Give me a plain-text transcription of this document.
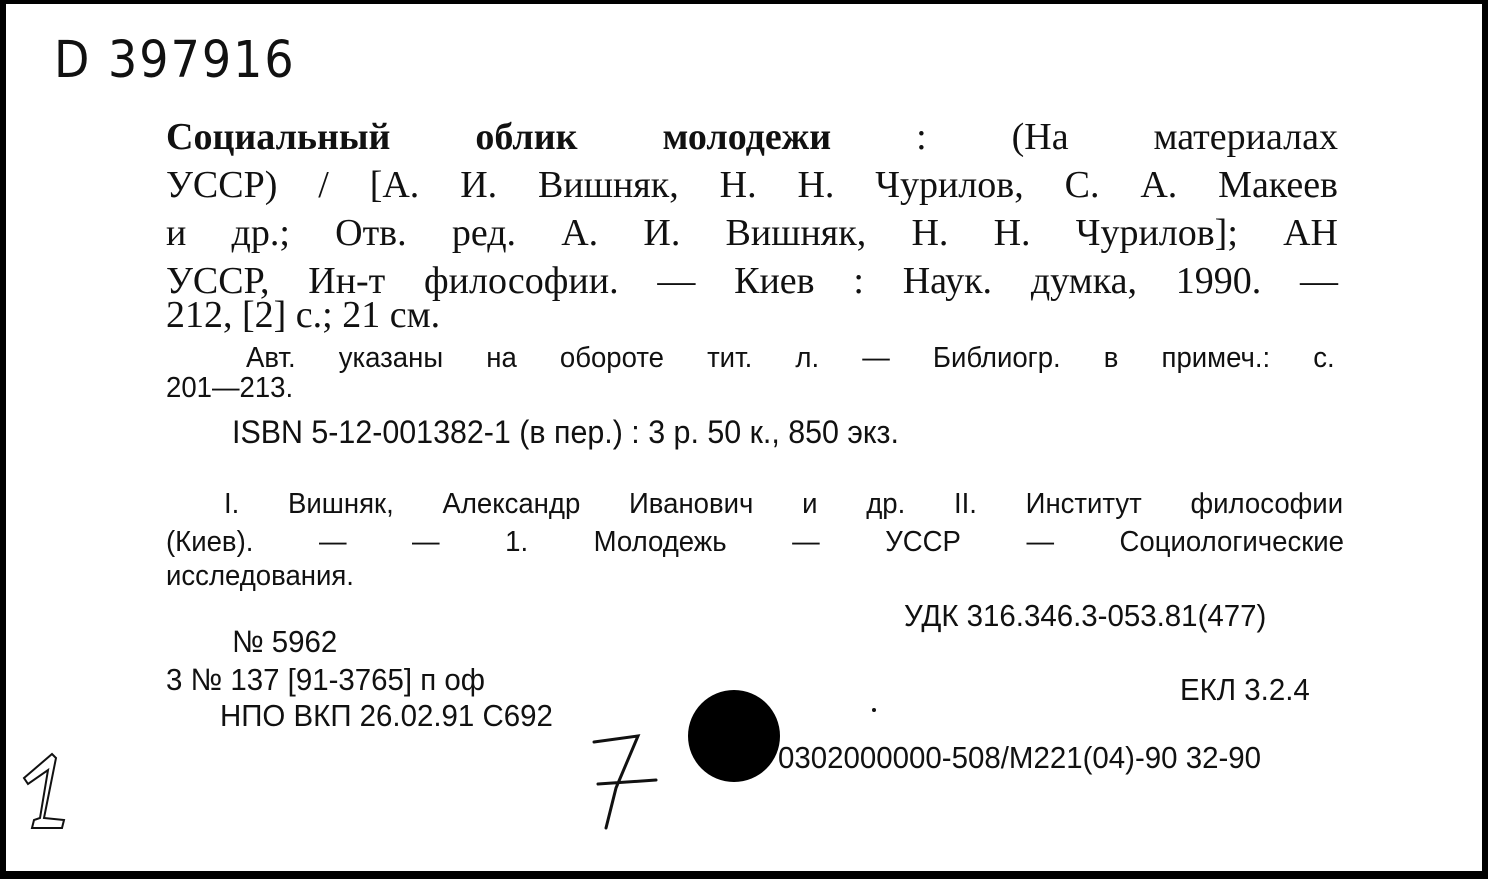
D 397916
Социальный облик молодежи : (На материалах
УССР) / [А. И. Вишняк, Н. Н. Чурилов, С. А. Макеев
и др.; Отв. ред. А. И. Вишняк, Н. Н. Чурилов]; АН
УССР, Ин-т философии. — Киев : Наук. думка, 1990. —
212, [2] с.; 21 см.
Авт. указаны на обороте тит. л. — Библиогр. в примеч.: с.
201—213.
ISBN 5-12-001382-1 (в пер.) : 3 р. 50 к., 850 экз.
I. Вишняк, Александр Иванович и др. II. Институт философии
(Киев). — — 1. Молодежь — УССР — Социологические
исследования.
УДК 316.346.3-053.81(477)
№ 5962
3 № 137 [91-3765] п оф
НПО ВКП 26.02.91 С692
ЕКЛ 3.2.4
0302000000-508/М221(04)-90 32-90
